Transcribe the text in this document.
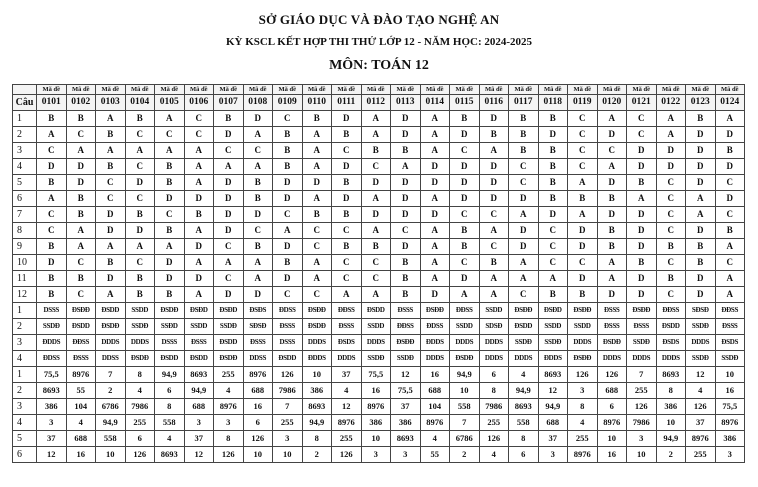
SỞ GIÁO DỤC VÀ ĐÀO TẠO NGHỆ AN
KỲ KSCL KẾT HỢP THI THỬ LỚP 12 - NĂM HỌC: 2024-2025
MÔN: TOÁN 12
	Mã đề	Mã đề	Mã đề	Mã đề	Mã đề	Mã đề	Mã đề	Mã đề	Mã đề	Mã đề	Mã đề	Mã đề	Mã đề	Mã đề	Mã đề	Mã đề	Mã đề	Mã đề	Mã đề	Mã đề	Mã đề	Mã đề	Mã đề	Mã đề
Câu	0101	0102	0103	0104	0105	0106	0107	0108	0109	0110	0111	0112	0113	0114	0115	0116	0117	0118	0119	0120	0121	0122	0123	0124
1	B	B	A	B	A	C	B	D	C	B	D	A	D	A	B	D	B	B	C	A	C	A	B	A
2	A	C	B	C	C	C	D	A	B	A	B	A	D	A	D	B	B	D	C	D	C	A	D	D
3	C	A	A	A	A	A	C	C	B	A	C	B	B	A	C	A	B	B	C	C	D	D	D	B
4	D	D	B	C	B	A	A	A	B	A	D	C	A	D	D	D	C	B	C	A	D	D	D	D
5	B	D	C	D	B	A	D	B	D	D	B	D	D	D	D	D	C	B	A	D	B	C	D	C
6	A	B	C	C	D	D	D	B	D	A	D	A	D	A	D	D	D	B	B	B	A	C	A	D
7	C	B	D	B	C	B	D	D	C	B	B	D	D	D	C	C	A	D	A	D	D	C	A	C
8	C	A	D	D	B	A	D	C	A	C	C	A	C	A	B	A	D	C	D	B	D	C	D	B
9	B	A	A	A	A	D	C	B	D	C	B	B	D	A	B	C	D	C	D	B	D	B	B	A
10	D	C	B	C	D	A	A	A	B	A	C	C	B	A	C	B	A	C	C	A	B	C	B	C
11	B	B	D	B	D	D	C	A	D	A	C	C	B	A	D	A	A	A	D	A	D	B	D	A
12	B	C	A	B	B	A	D	D	C	C	A	A	B	D	A	A	C	B	B	D	D	C	D	A
1	DSSS	ĐSĐĐ	ĐSDD	SSDD	ĐSDĐ	ĐSĐD	ĐSĐD	ĐSĐS	ĐDSS	ĐSĐĐ	ĐĐSS	ĐSDD	ĐSSS	ĐSĐĐ	ĐĐSS	SSDD	ĐSĐĐ	ĐSĐD	ĐSĐĐ	ĐSSS	ĐSĐĐ	ĐĐSS	SĐSĐ	ĐĐSS
2	SSDĐ	ĐSDD	ĐSDĐ	SSDĐ	SSĐD	SSDD	SSDĐ	SĐSĐ	ĐSSS	ĐSDĐ	ĐSSS	SSDD	ĐĐSS	ĐDSS	SSDD	SDSĐ	ĐSDD	SSDD	SSDD	ĐSSS	ĐSSS	ĐSDD	SSDĐ	ĐSSS
3	ĐDDS	ĐĐSS	DDDS	DDDS	DSSS	ĐSSS	ĐSDD	ĐSSS	DSSS	DDDS	ĐSDS	DDDS	ĐSĐĐ	ĐDDS	DDDS	DDDS	SSDĐ	SSDĐ	DDDS	ĐSDĐ	SSDĐ	ĐSDS	DDDS	ĐSDS
4	ĐDSS	ĐSSS	DDSS	ĐSDĐ	ĐSDD	ĐSDD	ĐSDĐ	DDSS	ĐSDD	ĐDDS	DDDS	SSDĐ	SSDĐ	DDDS	ĐSDĐ	DDDS	DDDS	ĐDDS	ĐSĐĐ	DDDS	DDDS	DDDS	SSDĐ	SSDĐ
1	75,5	8976	7	8	94,9	8693	255	8976	126	10	37	75,5	12	16	94,9	6	4	8693	126	126	7	8693	12	10
2	8693	55	2	4	6	94,9	4	688	7986	386	4	16	75,5	688	10	8	94,9	12	3	688	255	8	4	16
3	386	104	6786	7986	8	688	8976	16	7	8693	12	8976	37	104	558	7986	8693	94,9	8	6	126	386	126	75,5
4	3	4	94,9	255	558	3	3	6	255	94,9	8976	386	386	8976	7	255	558	688	4	8976	7986	10	37	8976
5	37	688	558	6	4	37	8	126	3	8	255	10	8693	4	6786	126	8	37	255	10	3	94,9	8976	386
6	12	16	10	126	8693	12	126	10	10	2	126	3	3	55	2	4	6	3	8976	16	10	2	255	3
